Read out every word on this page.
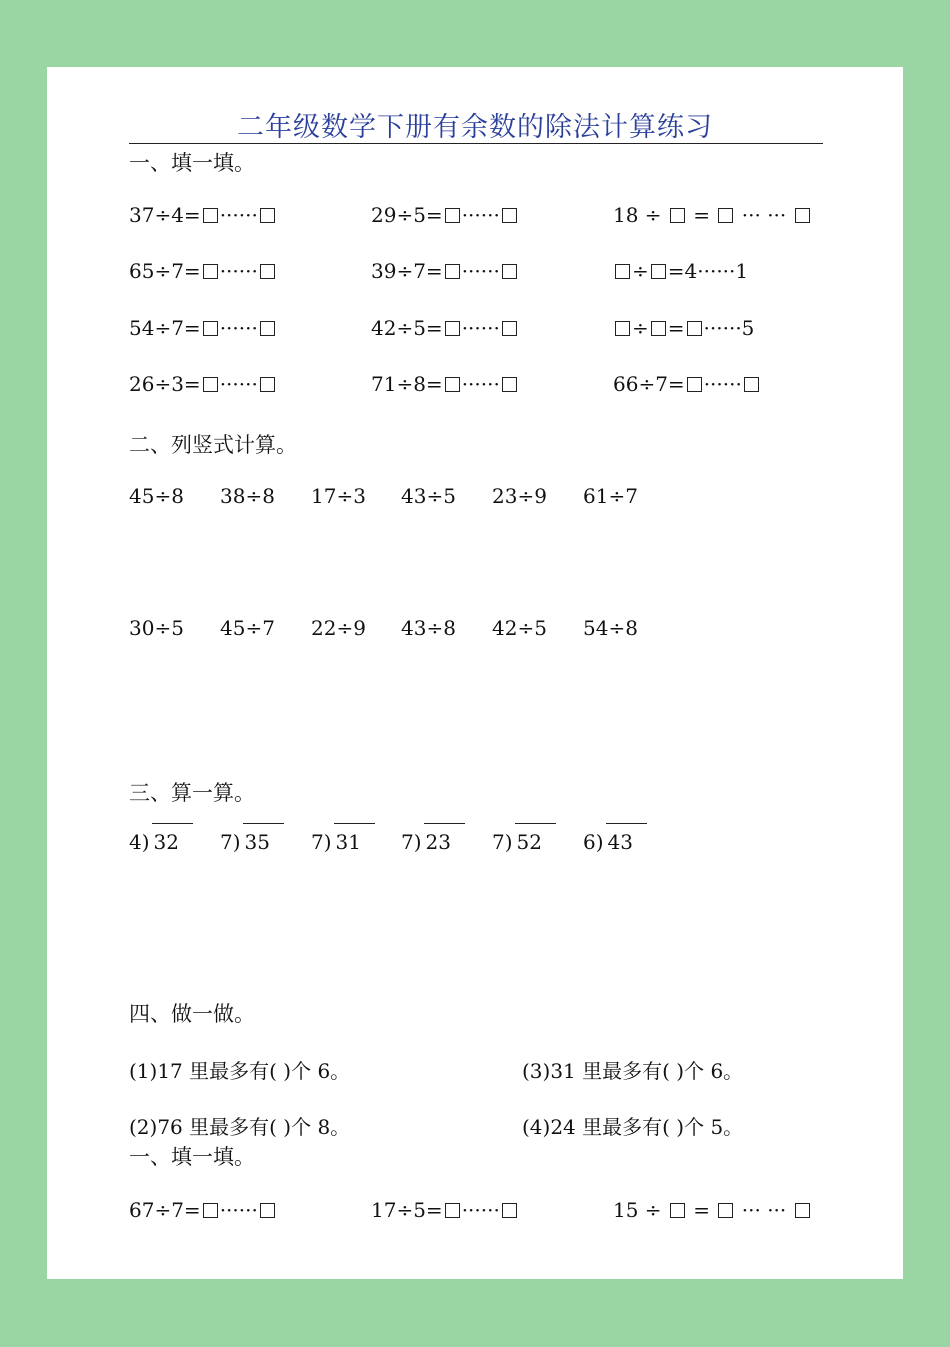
二年级数学下册有余数的除法计算练习
一、填一填。
二、列竖式计算。
三、算一算。
四、做一做。
(1)17 里最多有( )个 6。	(3)31 里最多有( )个 6。
(2)76 里最多有( )个 8。	(4)24 里最多有( )个 5。
一、填一填。
37÷4= ······	29÷5= ······	18 ÷  =  ··· ···
65÷7= ······	39÷7= ······	÷ =4······1
54÷7= ······	42÷5= ······	÷ = ······5
26÷3= ······	71÷8= ······	66÷7= ······
45÷8 38÷8 17÷3 43÷5 23÷9 61÷7
30÷5 45÷7 22÷9 43÷8 42÷5 54÷8
4) 32	7) 35	7) 31	7) 23	7) 52	6) 43
67÷7= ······	17÷5= ······	15 ÷  =  ··· ···
